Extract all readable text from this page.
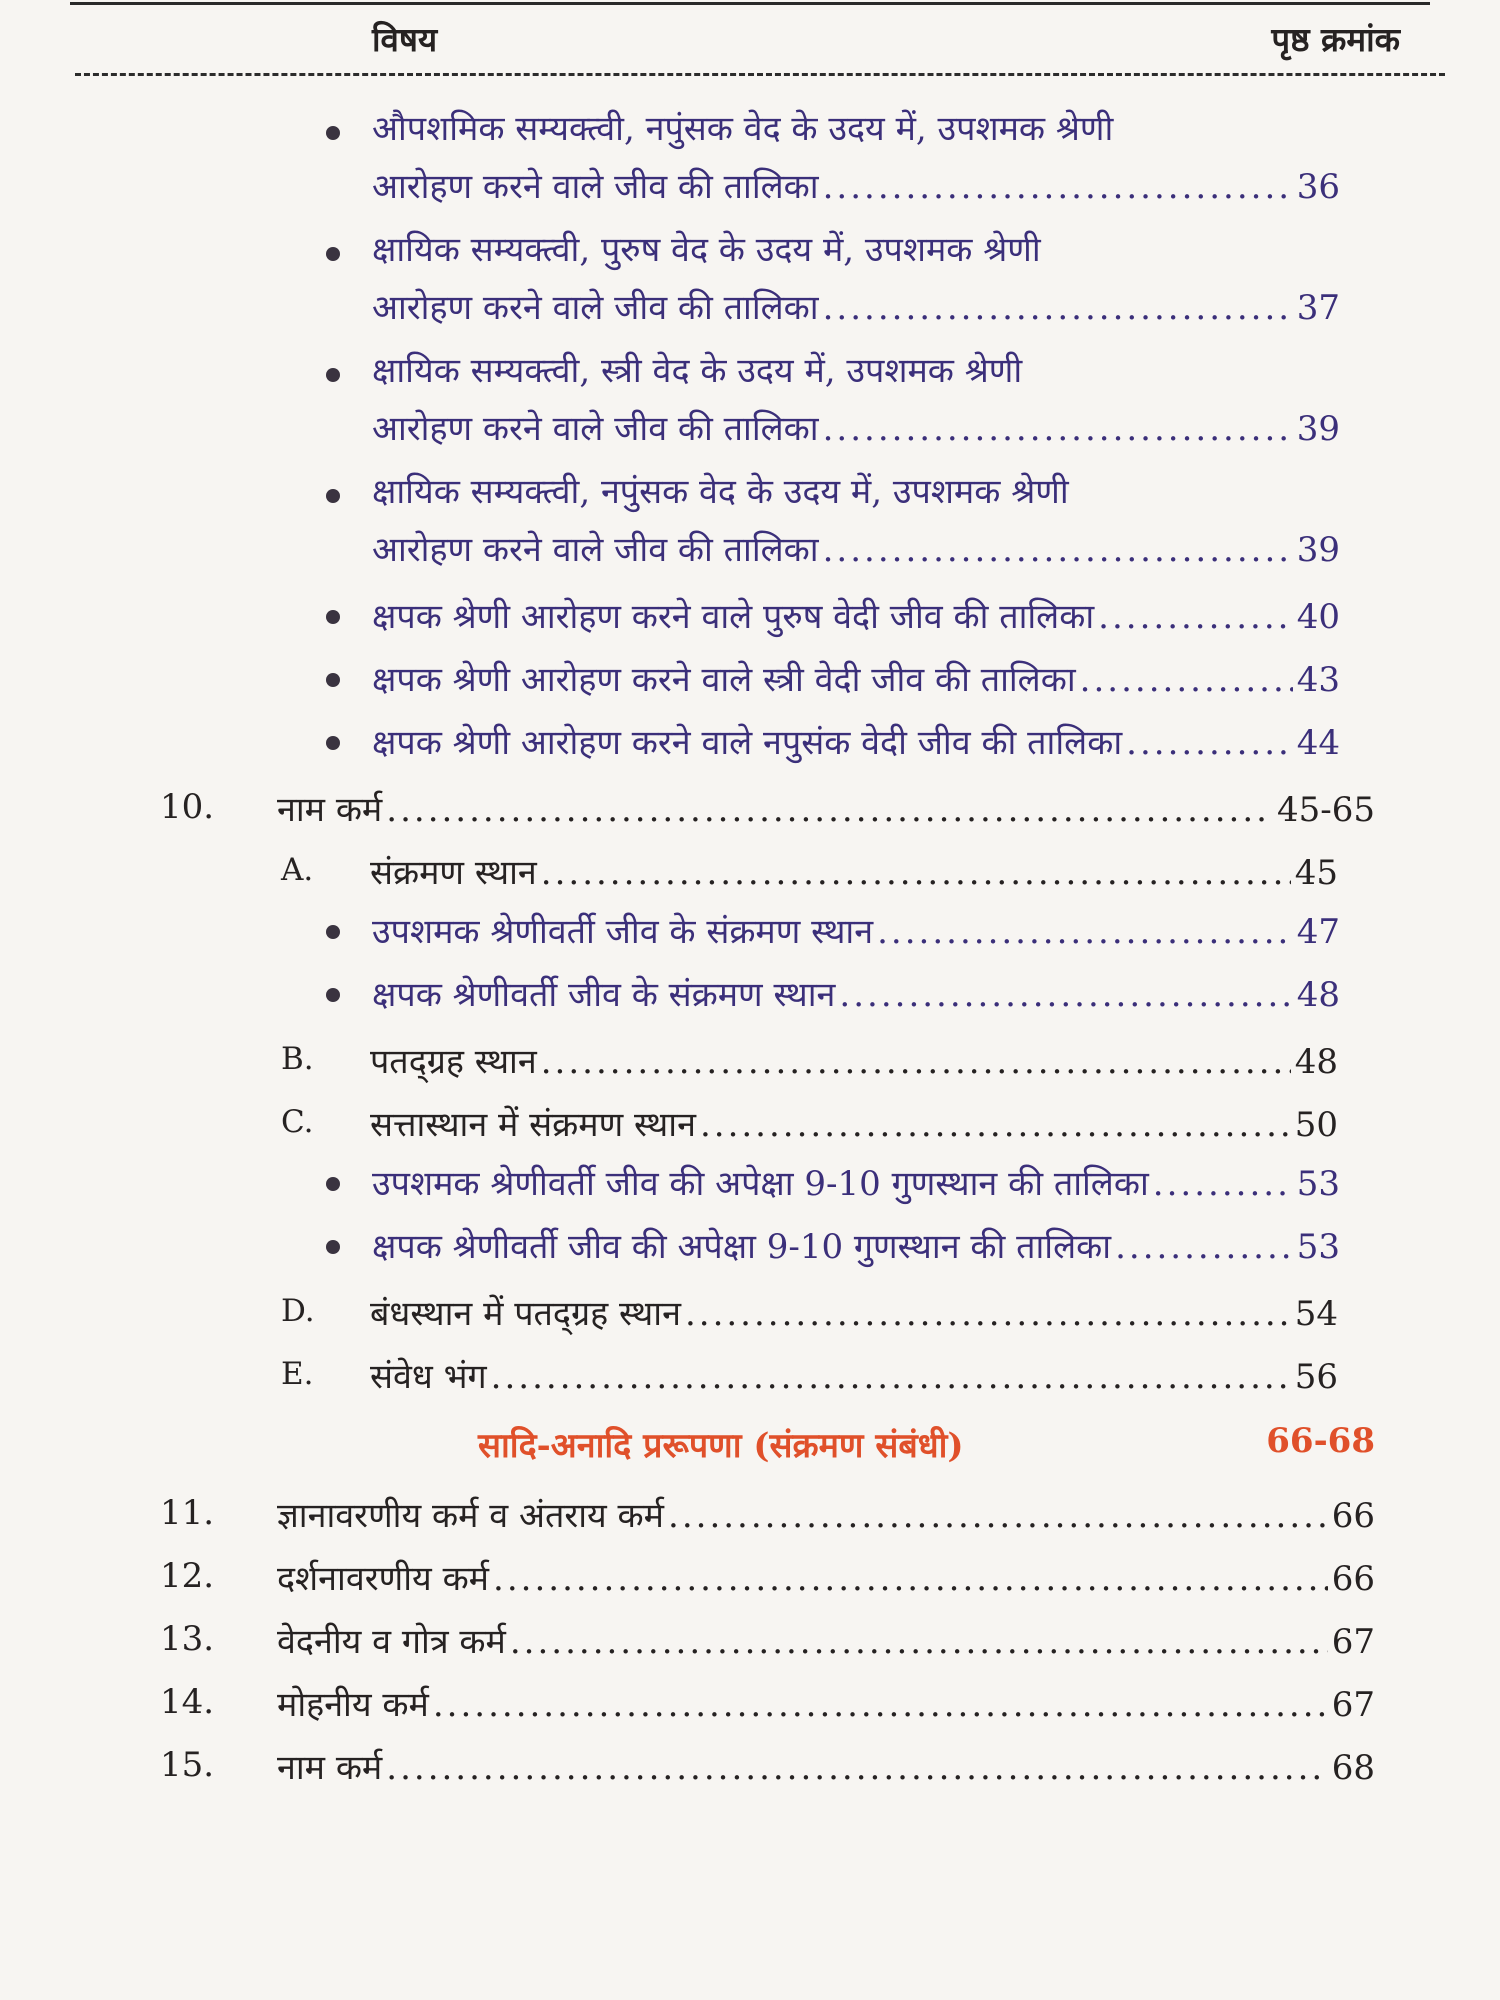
विषय	पृष्ठ क्रमांक
औपशमिक सम्यक्त्वी, नपुंसक वेद के उदय में, उपशमक श्रेणी
आरोहण करने वाले जीव की तालिका .....	36
क्षायिक सम्यक्त्वी, पुरुष वेद के उदय में, उपशमक श्रेणी
आरोहण करने वाले जीव की तालिका .....	37
क्षायिक सम्यक्त्वी, स्त्री वेद के उदय में, उपशमक श्रेणी
आरोहण करने वाले जीव की तालिका .....	39
क्षायिक सम्यक्त्वी, नपुंसक वेद के उदय में, उपशमक श्रेणी
आरोहण करने वाले जीव की तालिका .....	39
क्षपक श्रेणी आरोहण करने वाले पुरुष वेदी जीव की तालिका .....	40
क्षपक श्रेणी आरोहण करने वाले स्त्री वेदी जीव की तालिका .....	43
क्षपक श्रेणी आरोहण करने वाले नपुसंक वेदी जीव की तालिका .....	44
10. नाम कर्म .....	45-65
A. संक्रमण स्थान .....	45
उपशमक श्रेणीवर्ती जीव के संक्रमण स्थान .....	47
क्षपक श्रेणीवर्ती जीव के संक्रमण स्थान .....	48
B. पतद्ग्रह स्थान .....	48
C. सत्तास्थान में संक्रमण स्थान .....	50
उपशमक श्रेणीवर्ती जीव की अपेक्षा 9-10 गुणस्थान की तालिका .....	53
क्षपक श्रेणीवर्ती जीव की अपेक्षा 9-10 गुणस्थान की तालिका .....	53
D. बंधस्थान में पतद्ग्रह स्थान .....	54
E. संवेध भंग .....	56
सादि-अनादि प्ररूपणा (संक्रमण संबंधी)	66-68
11. ज्ञानावरणीय कर्म व अंतराय कर्म .....	66
12. दर्शनावरणीय कर्म .....	66
13. वेदनीय व गोत्र कर्म .....	67
14. मोहनीय कर्म .....	67
15. नाम कर्म .....	68
